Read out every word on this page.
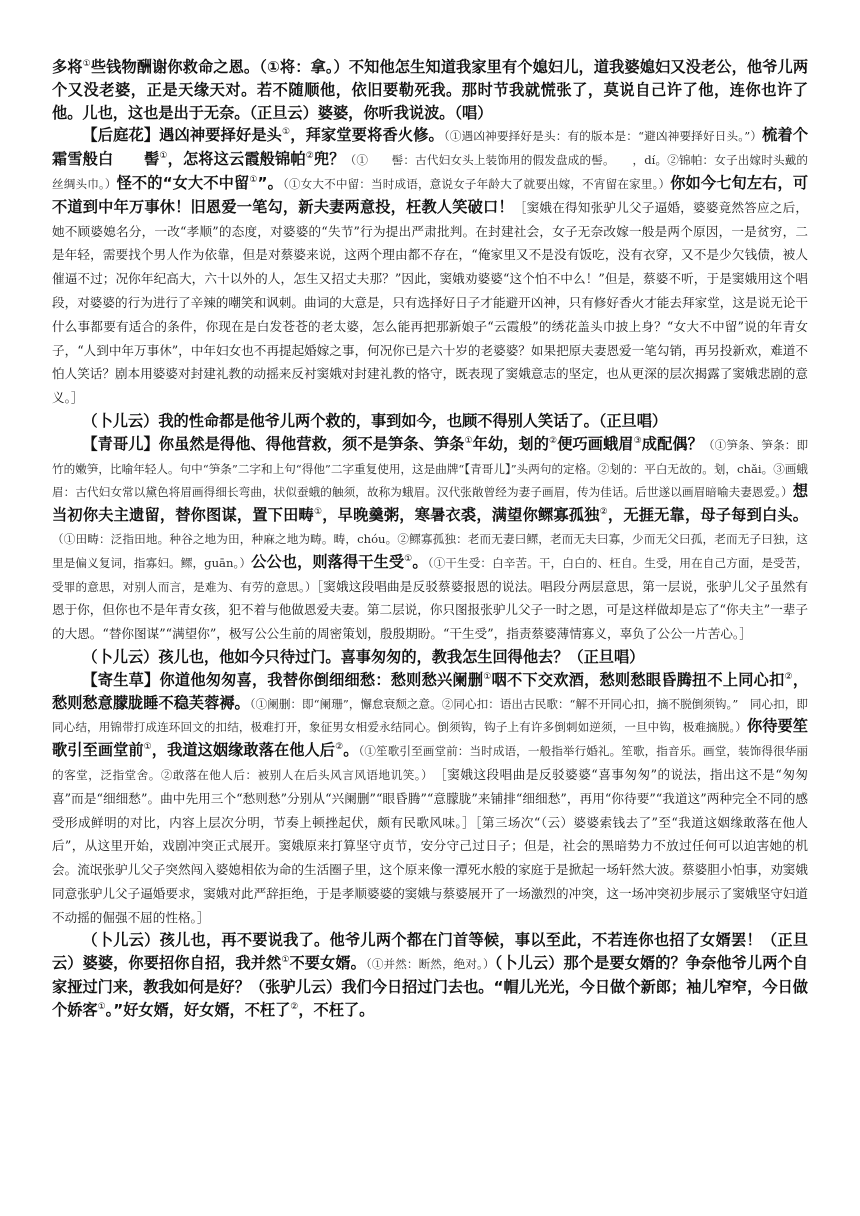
多将①些钱物酬谢你救命之恩。（①将：拿。）不知他怎生知道我家里有个媳妇儿，道我婆媳妇又没老公，他爷儿两个又没老婆，正是天缘天对。若不随顺他，依旧要勒死我。那时节我就慌张了，莫说自己许了他，连你也许了他。儿也，这也是出于无奈。（正旦云）婆婆，你听我说波。（唱）

【后庭花】遇凶神要择好是头①，拜家堂要将香火修。（①遇凶神要择好是头：有的版本是：“避凶神要择好日头。”）梳着个霜雪般白　　髻①，怎将这云霞般锦帕②兜？（①　　髻：古代妇女头上装饰用的假发盘成的髻。　　，dí。②锦帕：女子出嫁时头戴的丝绸头巾。）怪不的“女大不中留①”。（①女大不中留：当时成语，意说女子年龄大了就要出嫁，不宵留在家里。）你如今七旬左右，可不道到中年万事休！旧恩爱一笔勾，新夫妻两意投，枉教人笑破口！［窦娥在得知张驴儿父子逼婚，婆婆竟然答应之后，她不顾婆媳名分，一改“孝顺”的态度，对婆婆的“失节”行为提出严肃批判。在封建社会，女子无奈改嫁一般是两个原因，一是贫穷，二是年轻，需要找个男人作为依靠，但是对蔡婆来说，这两个理由都不存在，“俺家里又不是没有饭吃，没有衣穿，又不是少欠钱债，被人催逼不过；况你年纪高大，六十以外的人，怎生又招丈夫那？”因此，窦娥劝婆婆“这个怕不中么！”但是，蔡婆不听，于是窦娥用这个唱段，对婆婆的行为进行了辛辣的嘲笑和讽刺。曲词的大意是，只有选择好日子才能避开凶神，只有修好香火才能去拜家堂，这是说无论干什么事都要有适合的条件，你现在是白发苍苍的老太婆，怎么能再把那新娘子“云霞般”的绣花盖头巾披上身？“女大不中留”说的年青女子，“人到中年万事休”，中年妇女也不再提起婚嫁之事，何况你已是六十岁的老婆婆？如果把原夫妻恩爱一笔勾销，再另投新欢，难道不怕人笑话？剧本用婆婆对封建礼教的动摇来反衬窦娥对封建礼教的恪守，既表现了窦娥意志的坚定，也从更深的层次揭露了窦娥悲剧的意义。］

（卜儿云）我的性命都是他爷儿两个救的，事到如今，也顾不得别人笑话了。（正旦唱）

【青哥儿】你虽然是得他、得他营救，须不是笋条、笋条①年幼，刬的②便巧画蛾眉③成配偶？（①笋条、笋条：即竹的嫩笋，比喻年轻人。句中“笋条”二字和上句“得他”二字重复使用，这是曲牌“【青哥儿】”头两句的定格。②刬的：平白无故的。刬，chǎi。③画蛾眉：古代妇女常以黛色将眉画得细长弯曲，状似蚕蛾的触须，故称为蛾眉。汉代张敞曾经为妻子画眉，传为佳话。后世遂以画眉暗喻夫妻恩爱。）想当初你夫主遗留，替你图谋，置下田畴①，早晚羹粥，寒暑衣裘，满望你鳏寡孤独②，无捱无靠，母子每到白头。（①田畴：泛指田地。种谷之地为田，种麻之地为畴。畴，chóu。②鳏寡孤独：老而无妻曰鳏，老而无夫曰寡，少而无父曰孤，老而无子曰独，这里是偏义复词，指寡妇。鳏，guān。）公公也，则落得干生受①。（①干生受：白辛苦。干，白白的、枉自。生受，用在自己方面，是受苦，受罪的意思，对别人而言，是难为、有劳的意思。）［窦娥这段唱曲是反驳蔡婆报恩的说法。唱段分两层意思，第一层说，张驴儿父子虽然有恩于你，但你也不是年青女孩，犯不着与他做恩爱夫妻。第二层说，你只图报张驴儿父子一时之恩，可是这样做却是忘了“你夫主”一辈子的大恩。“替你图谋”“满望你”，极写公公生前的周密策划，殷殷期盼。“干生受”，指责蔡婆薄情寡义，辜负了公公一片苦心。］

（卜儿云）孩儿也，他如今只待过门。喜事匆匆的，教我怎生回得他去？（正旦唱）

【寄生草】你道他匆匆喜，我替你倒细细愁：愁则愁兴阑删①咽不下交欢酒，愁则愁眼昏腾扭不上同心扣②，愁则愁意朦胧睡不稳芙蓉褥。（①阑删：即“阑珊”，懈怠衰颓之意。②同心扣：语出古民歌：“解不开同心扣，摘不脱倒须钩。”　同心扣，即同心结，用锦带打成连环回文的扣结，极难打开，象征男女相爱永结同心。倒须钩，钩子上有许多倒刺如逆须，一旦中钩，极难摘脱。）你待要笙歌引至画堂前①，我道这姻缘敢落在他人后②。（①笙歌引至画堂前：当时成语，一般指举行婚礼。笙歌，指音乐。画堂，装饰得很华丽的客堂，泛指堂舍。②敢落在他人后：被别人在后头风言风语地讥笑。）　［窦娥这段唱曲是反驳婆婆“喜事匆匆”的说法，指出这不是“匆匆喜”而是“细细愁”。曲中先用三个“愁则愁”分别从“兴阑删”“眼昏腾”“意朦胧”来铺排“细细愁”，再用“你待要”“我道这”两种完全不同的感受形成鲜明的对比，内容上层次分明，节奏上顿挫起伏，颇有民歌风味。］［第三场次“（云）婆婆索钱去了”至“我道这姻缘敢落在他人后”，从这里开始，戏剧冲突正式展开。窦娥原来打算坚守贞节，安分守己过日子；但是，社会的黑暗势力不放过任何可以迫害她的机会。流氓张驴儿父子突然闯入婆媳相依为命的生活圈子里，这个原来像一潭死水般的家庭于是掀起一场轩然大波。蔡婆胆小怕事，劝窦娥同意张驴儿父子逼婚要求，窦娥对此严辞拒绝，于是孝顺婆婆的窦娥与蔡婆展开了一场激烈的冲突，这一场冲突初步展示了窦娥坚守妇道不动摇的倔强不屈的性格。］

（卜儿云）孩儿也，再不要说我了。他爷儿两个都在门首等候，事以至此，不若连你也招了女婿罢！（正旦云）婆婆，你要招你自招，我并然①不要女婿。（①并然：断然，绝对。）（卜儿云）那个是要女婿的？争奈他爷儿两个自家挜过门来，教我如何是好？（张驴儿云）我们今日招过门去也。“帽儿光光，今日做个新郎；袖儿窄窄，今日做个娇客①。”好女婿，好女婿，不枉了②，不枉了。
